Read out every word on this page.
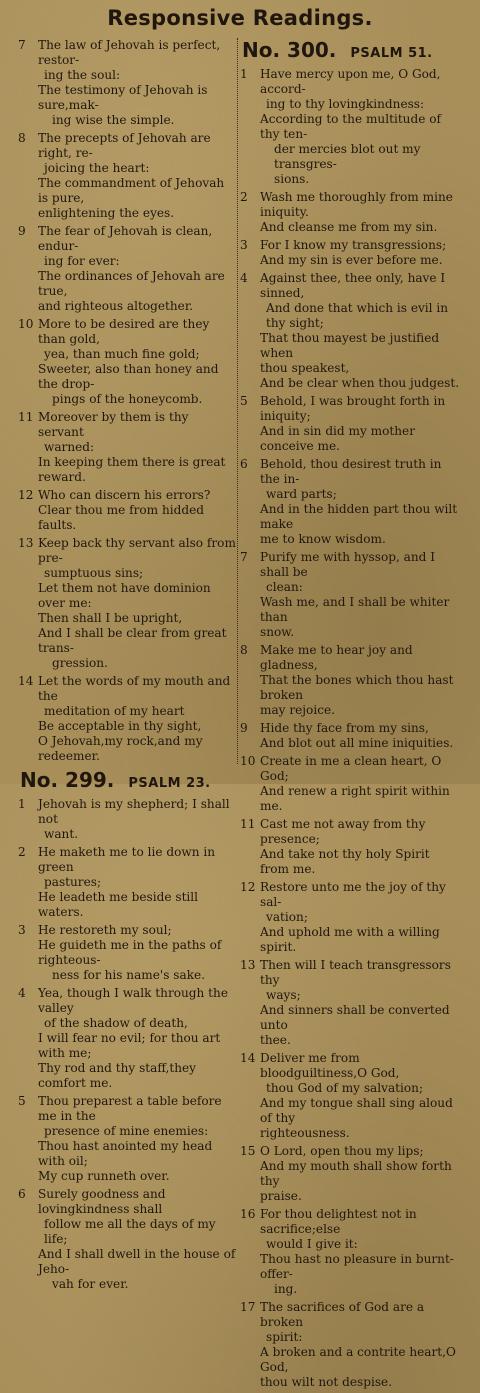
Responsive Readings.
7	The law of Jehovah is perfect, restor-
ing the soul:
The testimony of Jehovah is sure,mak-
ing wise the simple.
8	The precepts of Jehovah are right, re-
joicing the heart:
The commandment of Jehovah is pure,
enlightening the eyes.
9	The fear of Jehovah is clean, endur-
ing for ever:
The ordinances of Jehovah are true,
and righteous altogether.
10 More to be desired are they than gold,
yea, than much fine gold;
Sweeter, also than honey and the drop-
pings of the honeycomb.
11 Moreover by them is thy servant
warned:
In keeping them there is great reward.
12 Who can discern his errors?
Clear thou me from hidded faults.
13 Keep back thy servant also from pre-
sumptuous sins;
Let them not have dominion over me:
Then shall I be upright,
And I shall be clear from great trans-
gression.
14 Let the words of my mouth and the
meditation of my heart
Be acceptable in thy sight,
O Jehovah,my rock,and my redeemer.
No. 299. PSALM 23.
1	Jehovah is my shepherd; I shall not
want.
2	He maketh me to lie down in green
pastures;
He leadeth me beside still waters.
3	He restoreth my soul;
He guideth me in the paths of righteous-
ness for his name's sake.
4	Yea, though I walk through the valley
of the shadow of death,
I will fear no evil; for thou art with me;
Thy rod and thy staff,they comfort me.
5	Thou preparest a table before me in the
presence of mine enemies:
Thou hast anointed my head with oil;
My cup runneth over.
6	Surely goodness and lovingkindness shall
follow me all the days of my life;
And I shall dwell in the house of Jeho-
vah for ever.
No. 300. PSALM 51.
1	Have mercy upon me, O God, accord-
ing to thy lovingkindness:
According to the multitude of thy ten-
der mercies blot out my transgres-
sions.
2	Wash me thoroughly from mine iniquity.
And cleanse me from my sin.
3	For I know my transgressions;
And my sin is ever before me.
4	Against thee, thee only, have I sinned,
And done that which is evil in thy sight;
That thou mayest be justified when
thou speakest,
And be clear when thou judgest.
5	Behold, I was brought forth in iniquity;
And in sin did my mother conceive me.
6	Behold, thou desirest truth in the in-
ward parts;
And in the hidden part thou wilt make
me to know wisdom.
7	Purify me with hyssop, and I shall be
clean:
Wash me, and I shall be whiter than
snow.
8	Make me to hear joy and gladness,
That the bones which thou hast broken
may rejoice.
9	Hide thy face from my sins,
And blot out all mine iniquities.
10 Create in me a clean heart, O God;
And renew a right spirit within me.
11 Cast me not away from thy presence;
And take not thy holy Spirit from me.
12 Restore unto me the joy of thy sal-
vation;
And uphold me with a willing spirit.
13 Then will I teach transgressors thy
ways;
And sinners shall be converted unto
thee.
14 Deliver me from bloodguiltiness,O God,
thou God of my salvation;
And my tongue shall sing aloud of thy
righteousness.
15 O Lord, open thou my lips;
And my mouth shall show forth thy
praise.
16 For thou delightest not in sacrifice;else
would I give it:
Thou hast no pleasure in burnt-offer-
ing.
17 The sacrifices of God are a broken
spirit:
A broken and a contrite heart,O God,
thou wilt not despise.
